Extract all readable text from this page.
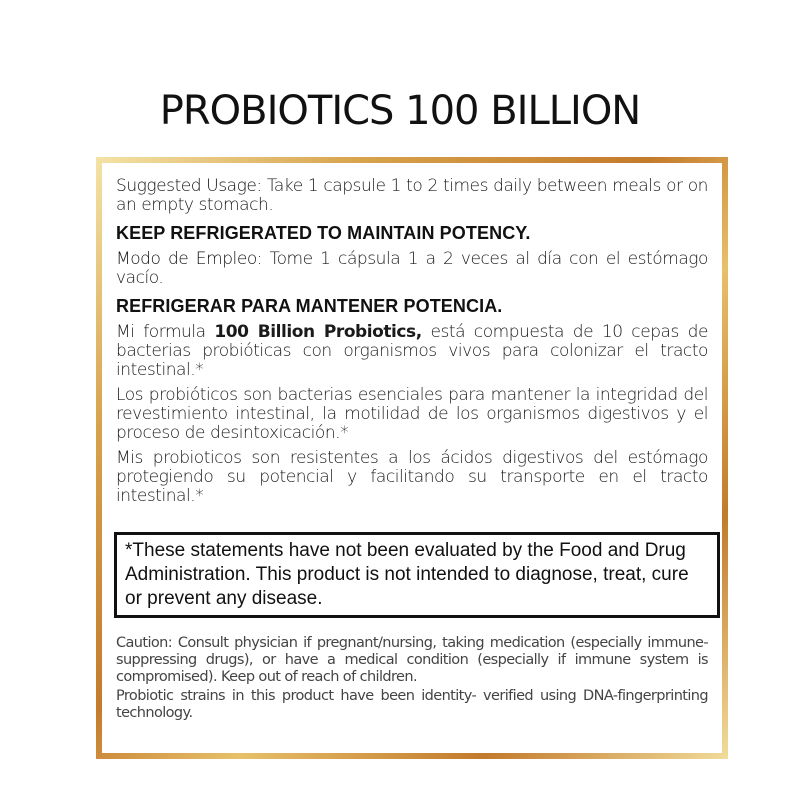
PROBIOTICS 100 BILLION

Suggested Usage: Take 1 capsule 1 to 2 times daily between meals or on an empty stomach.

KEEP REFRIGERATED TO MAINTAIN POTENCY.

Modo de Empleo: Tome 1 cápsula 1 a 2 veces al día con el estómago vacío.

REFRIGERAR PARA MANTENER POTENCIA.

Mi formula 100 Billion Probiotics, está compuesta de 10 cepas de bacterias probióticas con organismos vivos para colonizar el tracto intestinal.*

Los probióticos son bacterias esenciales para mantener la integridad del revestimiento intestinal, la motilidad de los organismos digestivos y el proceso de desintoxicación.*

Mis probioticos son resistentes a los ácidos digestivos del estómago protegiendo su potencial y facilitando su transporte en el tracto intestinal.*

*These statements have not been evaluated by the Food and Drug Administration. This product is not intended to diagnose, treat, cure or prevent any disease.

Caution: Consult physician if pregnant/nursing, taking medication (especially immune-suppressing drugs), or have a medical condition (especially if immune system is compromised). Keep out of reach of children.

Probiotic strains in this product have been identity- verified using DNA-fingerprinting technology.
